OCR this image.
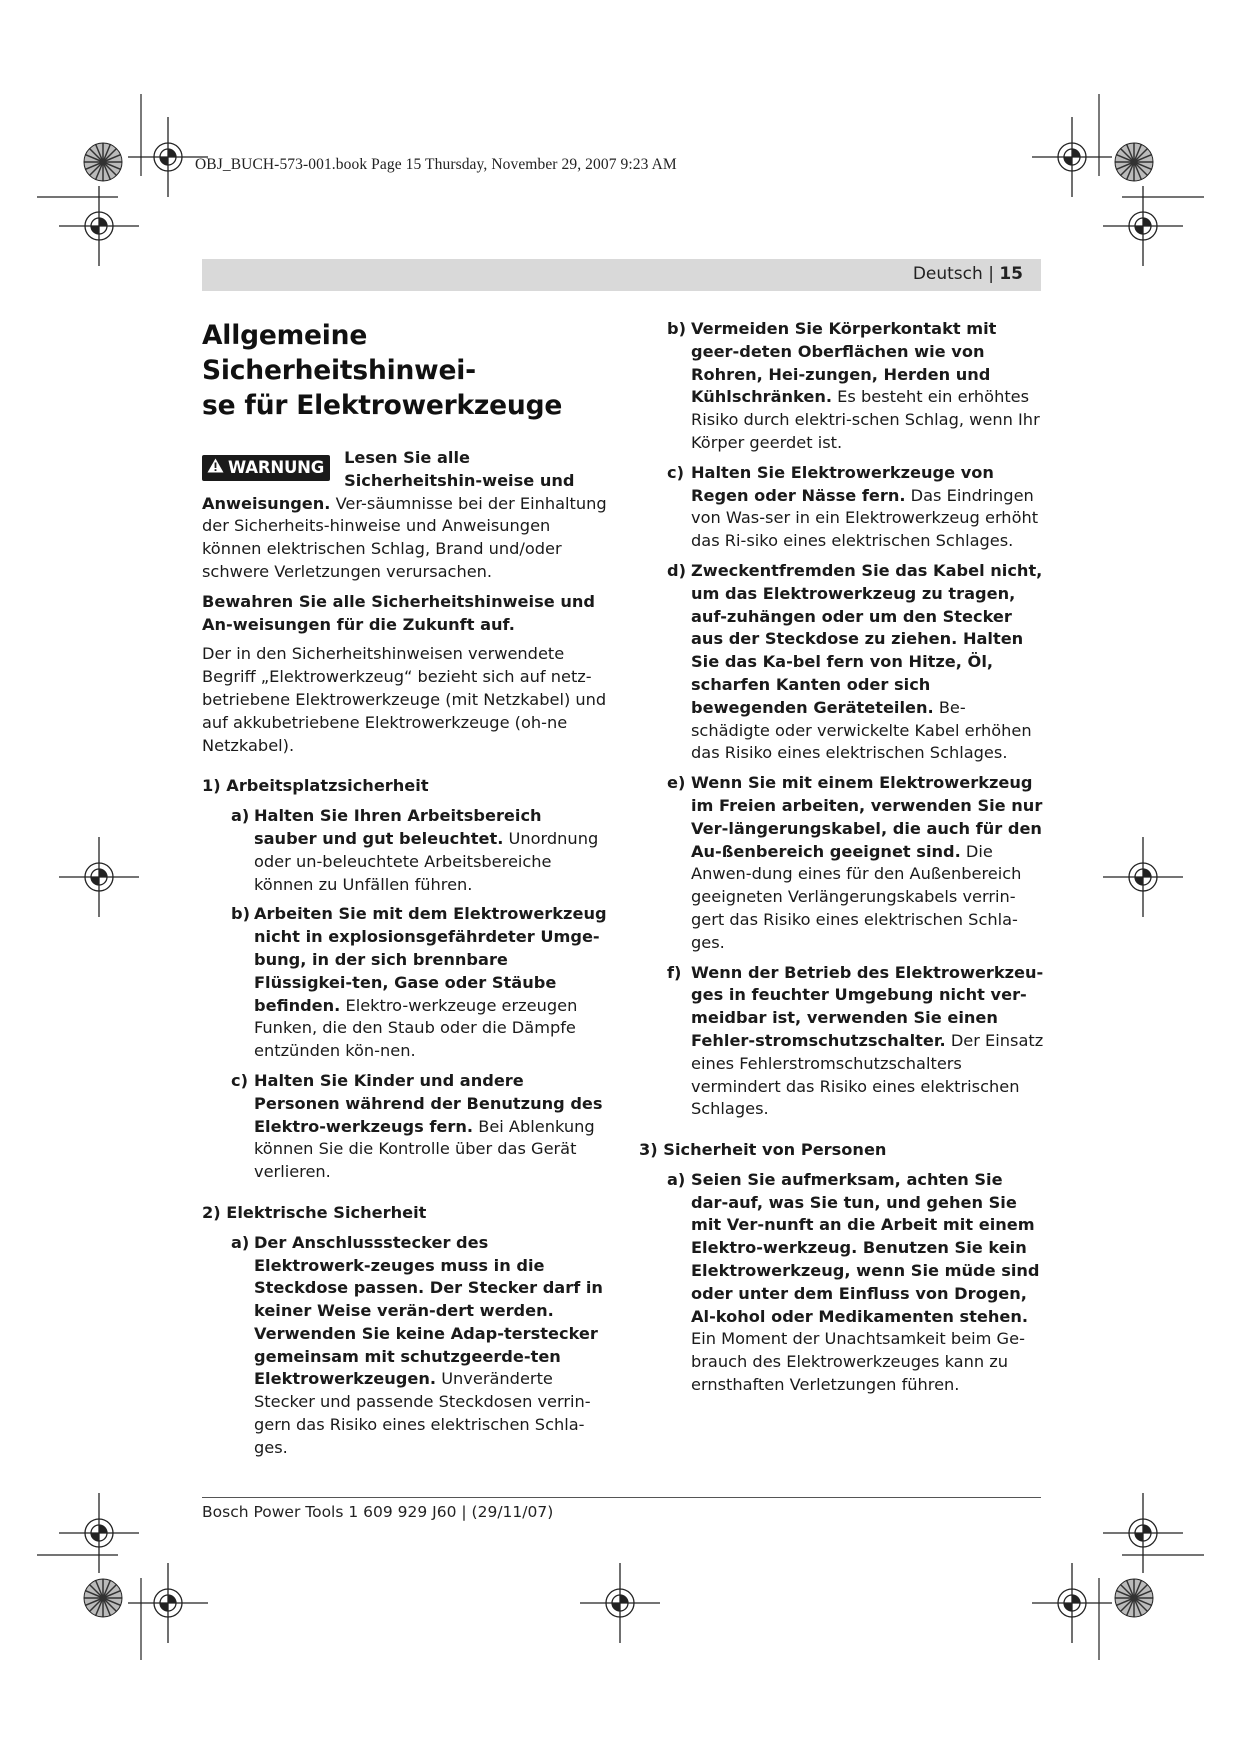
OBJ_BUCH-573-001.book Page 15 Thursday, November 29, 2007 9:23 AM
Deutsch | 15
Allgemeine Sicherheitshinwei-
se für Elektrowerkzeuge

WARNUNG
Lesen Sie alle Sicherheitshin-weise und Anweisungen. Ver-säumnisse bei der Einhaltung der Sicherheits-hinweise und Anweisungen können elektrischen Schlag, Brand und/oder schwere Verletzungen verursachen.

Bewahren Sie alle Sicherheitshinweise und An-weisungen für die Zukunft auf.

Der in den Sicherheitshinweisen verwendete Begriff „Elektrowerkzeug“ bezieht sich auf netz-betriebene Elektrowerkzeuge (mit Netzkabel) und auf akkubetriebene Elektrowerkzeuge (oh-ne Netzkabel).

1) Arbeitsplatzsicherheit
a) Halten Sie Ihren Arbeitsbereich sauber und gut beleuchtet. Unordnung oder un-beleuchtete Arbeitsbereiche können zu Unfällen führen.
b) Arbeiten Sie mit dem Elektrowerkzeug nicht in explosionsgefährdeter Umge-bung, in der sich brennbare Flüssigkei-ten, Gase oder Stäube befinden. Elektro-werkzeuge erzeugen Funken, die den Staub oder die Dämpfe entzünden kön-nen.
c) Halten Sie Kinder und andere Personen während der Benutzung des Elektro-werkzeugs fern. Bei Ablenkung können Sie die Kontrolle über das Gerät verlieren.
2) Elektrische Sicherheit
a) Der Anschlussstecker des Elektrowerk-zeuges muss in die Steckdose passen. Der Stecker darf in keiner Weise verän-dert werden. Verwenden Sie keine Adap-terstecker gemeinsam mit schutzgeerde-ten Elektrowerkzeugen. Unveränderte Stecker und passende Steckdosen verrin-gern das Risiko eines elektrischen Schla-ges.
b) Vermeiden Sie Körperkontakt mit geer-deten Oberflächen wie von Rohren, Hei-zungen, Herden und Kühlschränken. Es besteht ein erhöhtes Risiko durch elektri-schen Schlag, wenn Ihr Körper geerdet ist.
c) Halten Sie Elektrowerkzeuge von Regen oder Nässe fern. Das Eindringen von Was-ser in ein Elektrowerkzeug erhöht das Ri-siko eines elektrischen Schlages.
d) Zweckentfremden Sie das Kabel nicht, um das Elektrowerkzeug zu tragen, auf-zuhängen oder um den Stecker aus der Steckdose zu ziehen. Halten Sie das Ka-bel fern von Hitze, Öl, scharfen Kanten oder sich bewegenden Geräteteilen. Be-schädigte oder verwickelte Kabel erhöhen das Risiko eines elektrischen Schlages.
e) Wenn Sie mit einem Elektrowerkzeug im Freien arbeiten, verwenden Sie nur Ver-längerungskabel, die auch für den Au-ßenbereich geeignet sind. Die Anwen-dung eines für den Außenbereich geeigneten Verlängerungskabels verrin-gert das Risiko eines elektrischen Schla-ges.
f) Wenn der Betrieb des Elektrowerkzeu-ges in feuchter Umgebung nicht ver-meidbar ist, verwenden Sie einen Fehler-stromschutzschalter. Der Einsatz eines Fehlerstromschutzschalters vermindert das Risiko eines elektrischen Schlages.
3) Sicherheit von Personen
a) Seien Sie aufmerksam, achten Sie dar-auf, was Sie tun, und gehen Sie mit Ver-nunft an die Arbeit mit einem Elektro-werkzeug. Benutzen Sie kein Elektrowerkzeug, wenn Sie müde sind oder unter dem Einfluss von Drogen, Al-kohol oder Medikamenten stehen. Ein Moment der Unachtsamkeit beim Ge-brauch des Elektrowerkzeuges kann zu ernsthaften Verletzungen führen.
Bosch Power Tools 1 609 929 J60 | (29/11/07)
